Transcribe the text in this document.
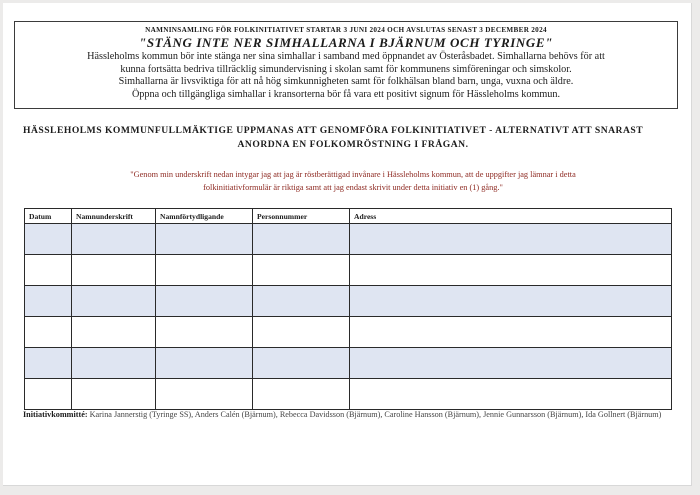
NAMNINSAMLING FÖR FOLKINITIATIVET STARTAR 3 JUNI 2024 OCH AVSLUTAS SENAST 3 DECEMBER 2024
"STÄNG INTE NER SIMHALLARNA I BJÄRNUM OCH TYRINGE"
Hässleholms kommun bör inte stänga ner sina simhallar i samband med öppnandet av Österåsbadet. Simhallarna behövs för att
kunna fortsätta bedriva tillräcklig simundervisning i skolan samt för kommunens simföreningar och simskolor.
Simhallarna är livsviktiga för att nå hög simkunnigheten samt för folkhälsan bland barn, unga, vuxna och äldre.
Öppna och tillgängliga simhallar i kransorterna bör få vara ett positivt signum för Hässleholms kommun.
HÄSSLEHOLMS KOMMUNFULLMÄKTIGE UPPMANAS ATT GENOMFÖRA FOLKINITIATIVET - ALTERNATIVT ATT SNARAST
ANORDNA EN FOLKOMRÖSTNING I FRÅGAN.
"Genom min underskrift nedan intygar jag att jag är röstberättigad invånare i Hässleholms kommun, att de uppgifter jag lämnar i detta
folkinitiativformulär är riktiga samt att jag endast skrivit under detta initiativ en (1) gång."
Datum	Namnunderskrift	Namnförtydligande	Personnummer	Adress

Initiativkommitté: Karina Jannerstig (Tyringe SS), Anders Calén (Bjärnum), Rebecca Davidsson (Bjärnum), Caroline Hansson (Bjärnum), Jennie Gunnarsson (Bjärnum), Ida Gollnert (Bjärnum)
